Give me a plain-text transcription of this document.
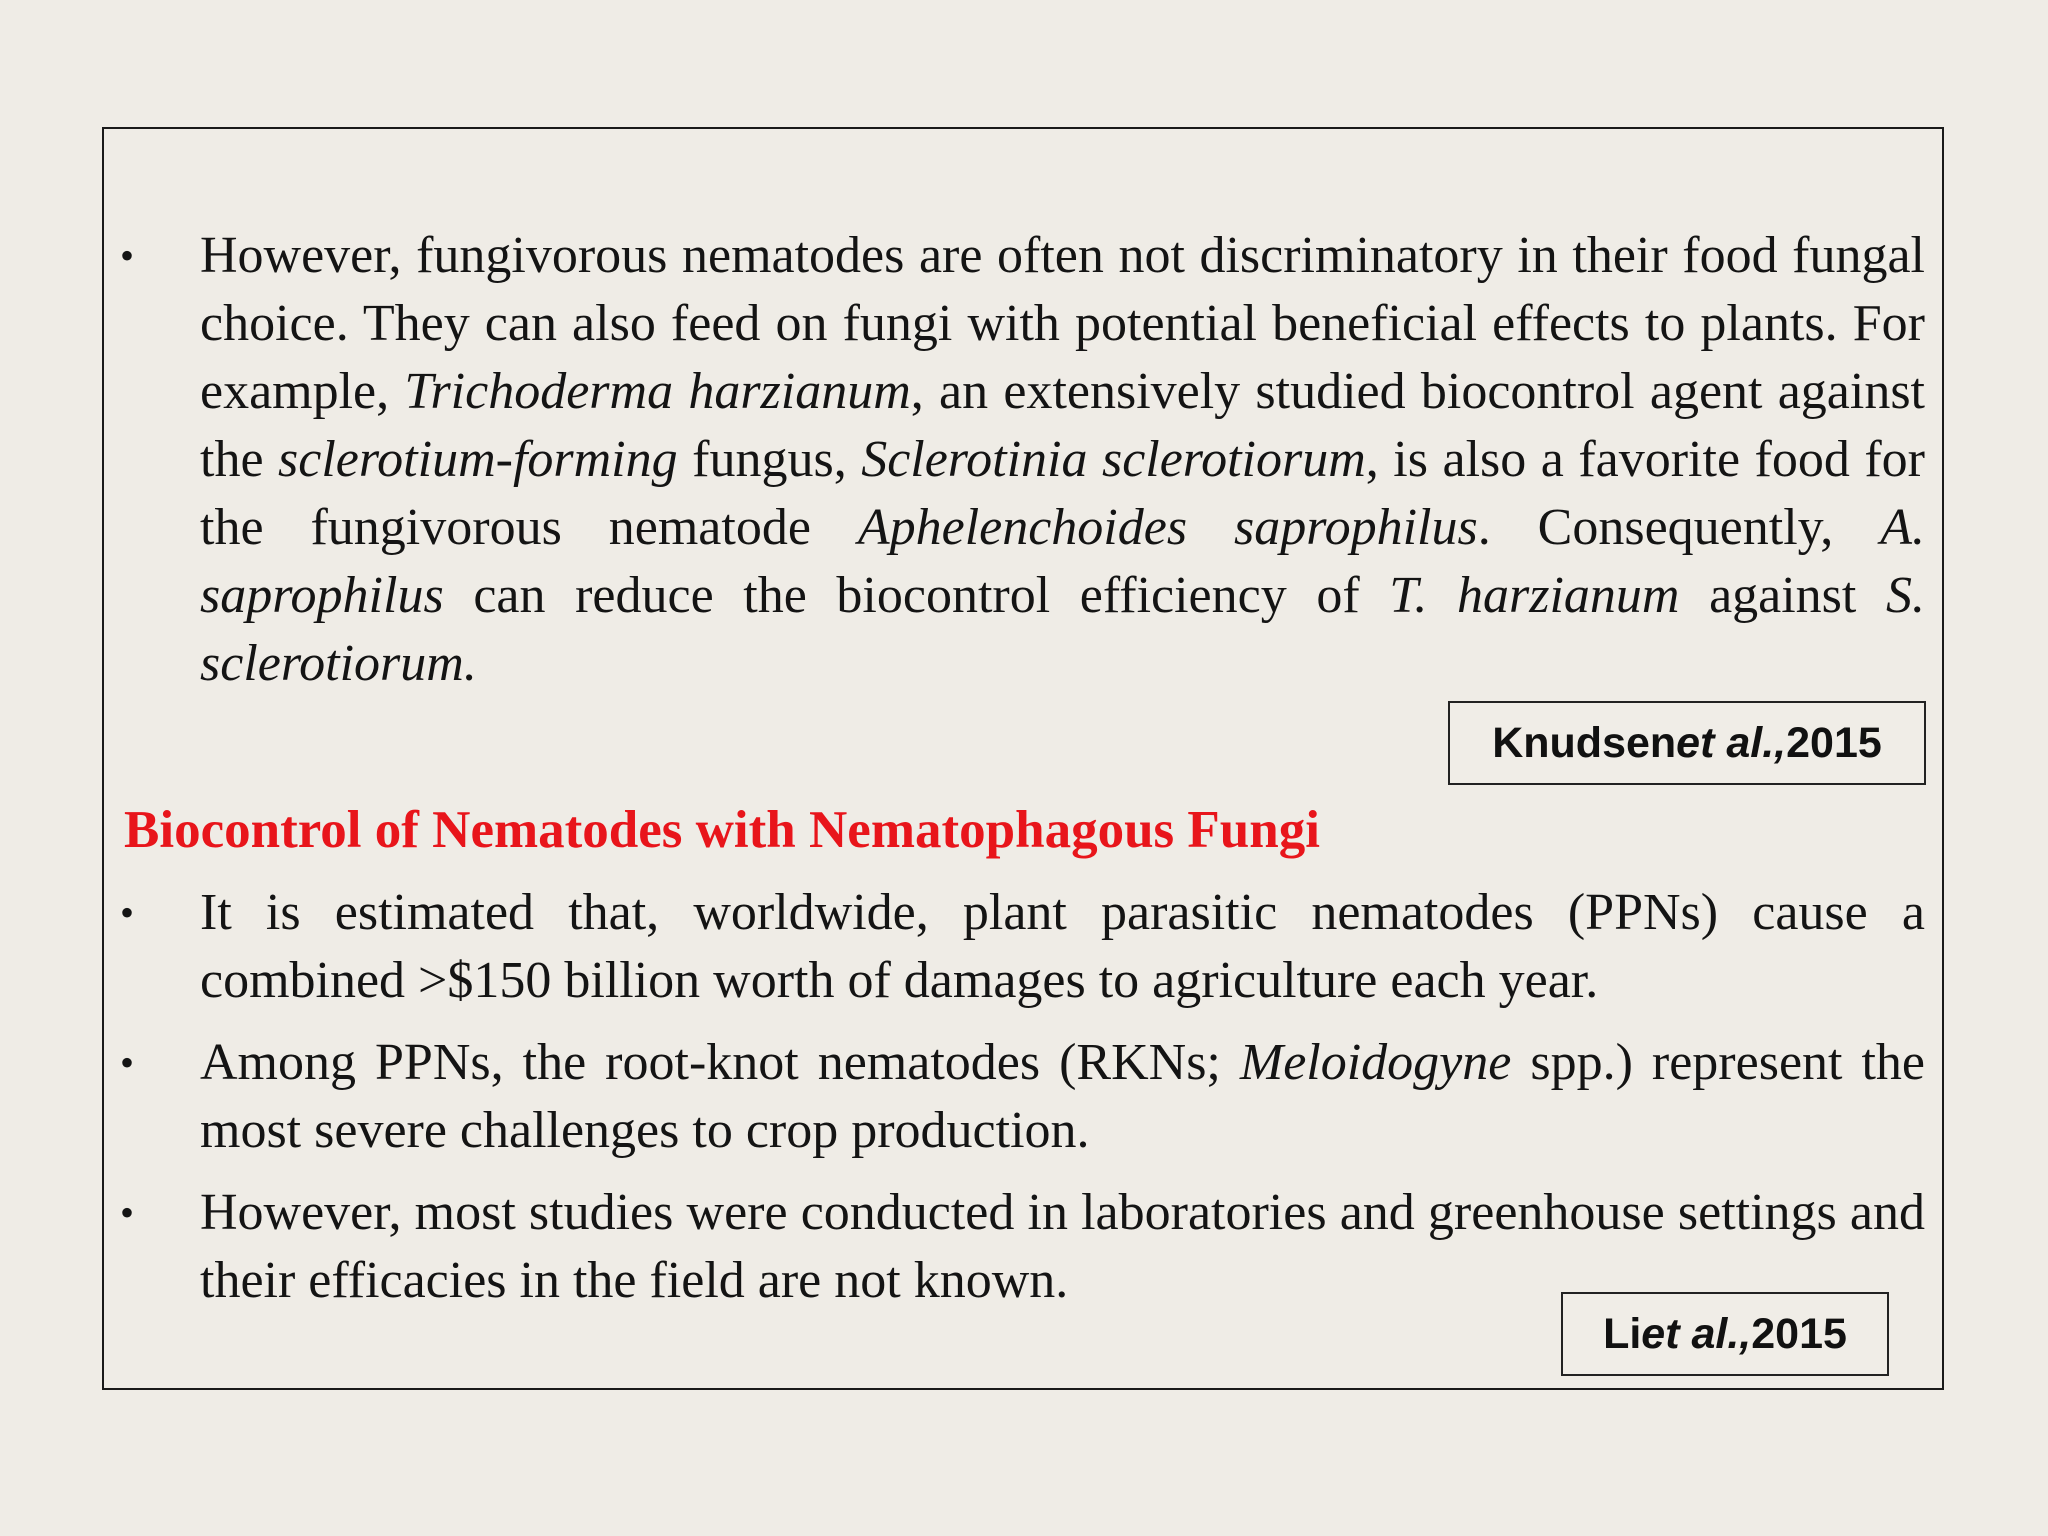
• However, fungivorous nematodes are often not discriminatory in their food fungal choice. They can also feed on fungi with potential beneficial effects to plants. For example, Trichoderma harzianum, an extensively studied biocontrol agent against the sclerotium-forming fungus, Sclerotinia sclerotiorum, is also a favorite food for the fungivorous nematode Aphelenchoides saprophilus. Consequently, A. saprophilus can reduce the biocontrol efficiency of T. harzianum against S. sclerotiorum.
Knudsen et al., 2015
Biocontrol of Nematodes with Nematophagous Fungi
• It is estimated that, worldwide, plant parasitic nematodes (PPNs) cause a combined >$150 billion worth of damages to agriculture each year.
• Among PPNs, the root-knot nematodes (RKNs; Meloidogyne spp.) represent the most severe challenges to crop production.
• However, most studies were conducted in laboratories and greenhouse settings and their efficacies in the field are not known.
Li et al., 2015
